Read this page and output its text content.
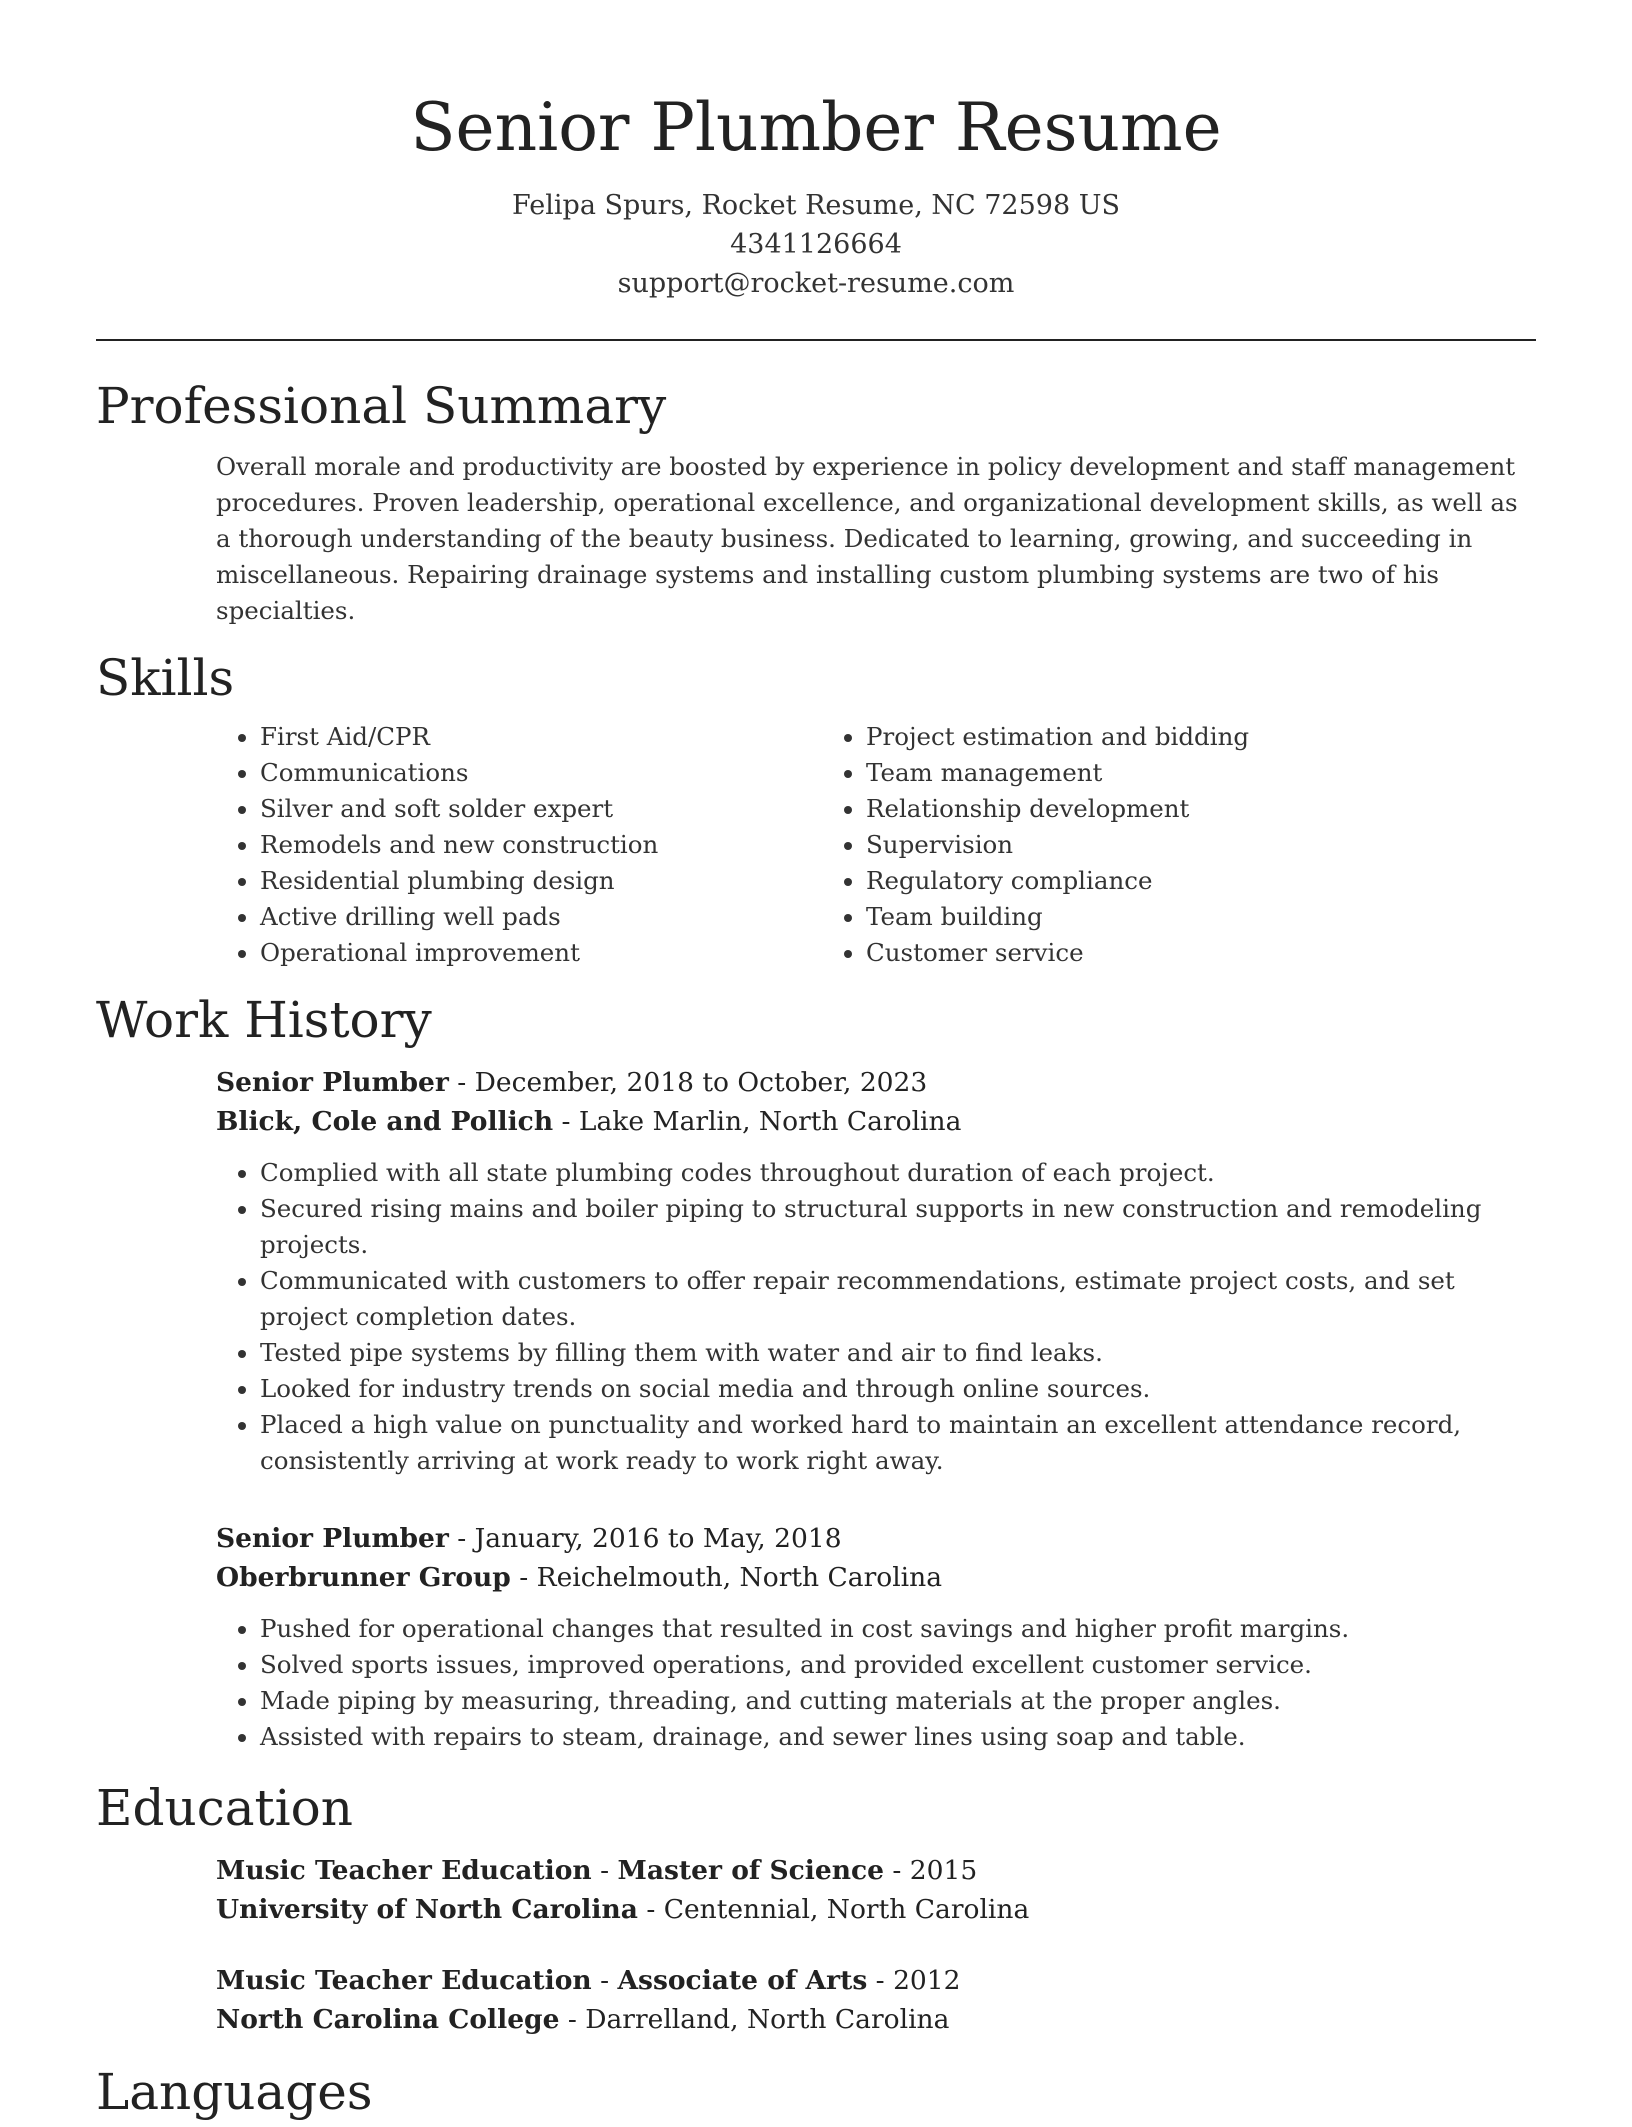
Senior Plumber Resume
Felipa Spurs, Rocket Resume, NC 72598 US
4341126664
support@rocket-resume.com
Professional Summary

Overall morale and productivity are boosted by experience in policy development and staff management procedures. Proven leadership, operational excellence, and organizational development skills, as well as a thorough understanding of the beauty business. Dedicated to learning, growing, and succeeding in miscellaneous. Repairing drainage systems and installing custom plumbing systems are two of his specialties.

Skills
• First Aid/CPR
• Communications
• Silver and soft solder expert
• Remodels and new construction
• Residential plumbing design
• Active drilling well pads
• Operational improvement
• Project estimation and bidding
• Team management
• Relationship development
• Supervision
• Regulatory compliance
• Team building
• Customer service
Work History
Senior Plumber - December, 2018 to October, 2023
Blick, Cole and Pollich - Lake Marlin, North Carolina
• Complied with all state plumbing codes throughout duration of each project.
• Secured rising mains and boiler piping to structural supports in new construction and remodeling projects.
• Communicated with customers to offer repair recommendations, estimate project costs, and set project completion dates.
• Tested pipe systems by filling them with water and air to find leaks.
• Looked for industry trends on social media and through online sources.
• Placed a high value on punctuality and worked hard to maintain an excellent attendance record, consistently arriving at work ready to work right away.
Senior Plumber - January, 2016 to May, 2018
Oberbrunner Group - Reichelmouth, North Carolina
• Pushed for operational changes that resulted in cost savings and higher profit margins.
• Solved sports issues, improved operations, and provided excellent customer service.
• Made piping by measuring, threading, and cutting materials at the proper angles.
• Assisted with repairs to steam, drainage, and sewer lines using soap and table.
Education
Music Teacher Education - Master of Science - 2015
University of North Carolina - Centennial, North Carolina
Music Teacher Education - Associate of Arts - 2012
North Carolina College - Darrelland, North Carolina
Languages
